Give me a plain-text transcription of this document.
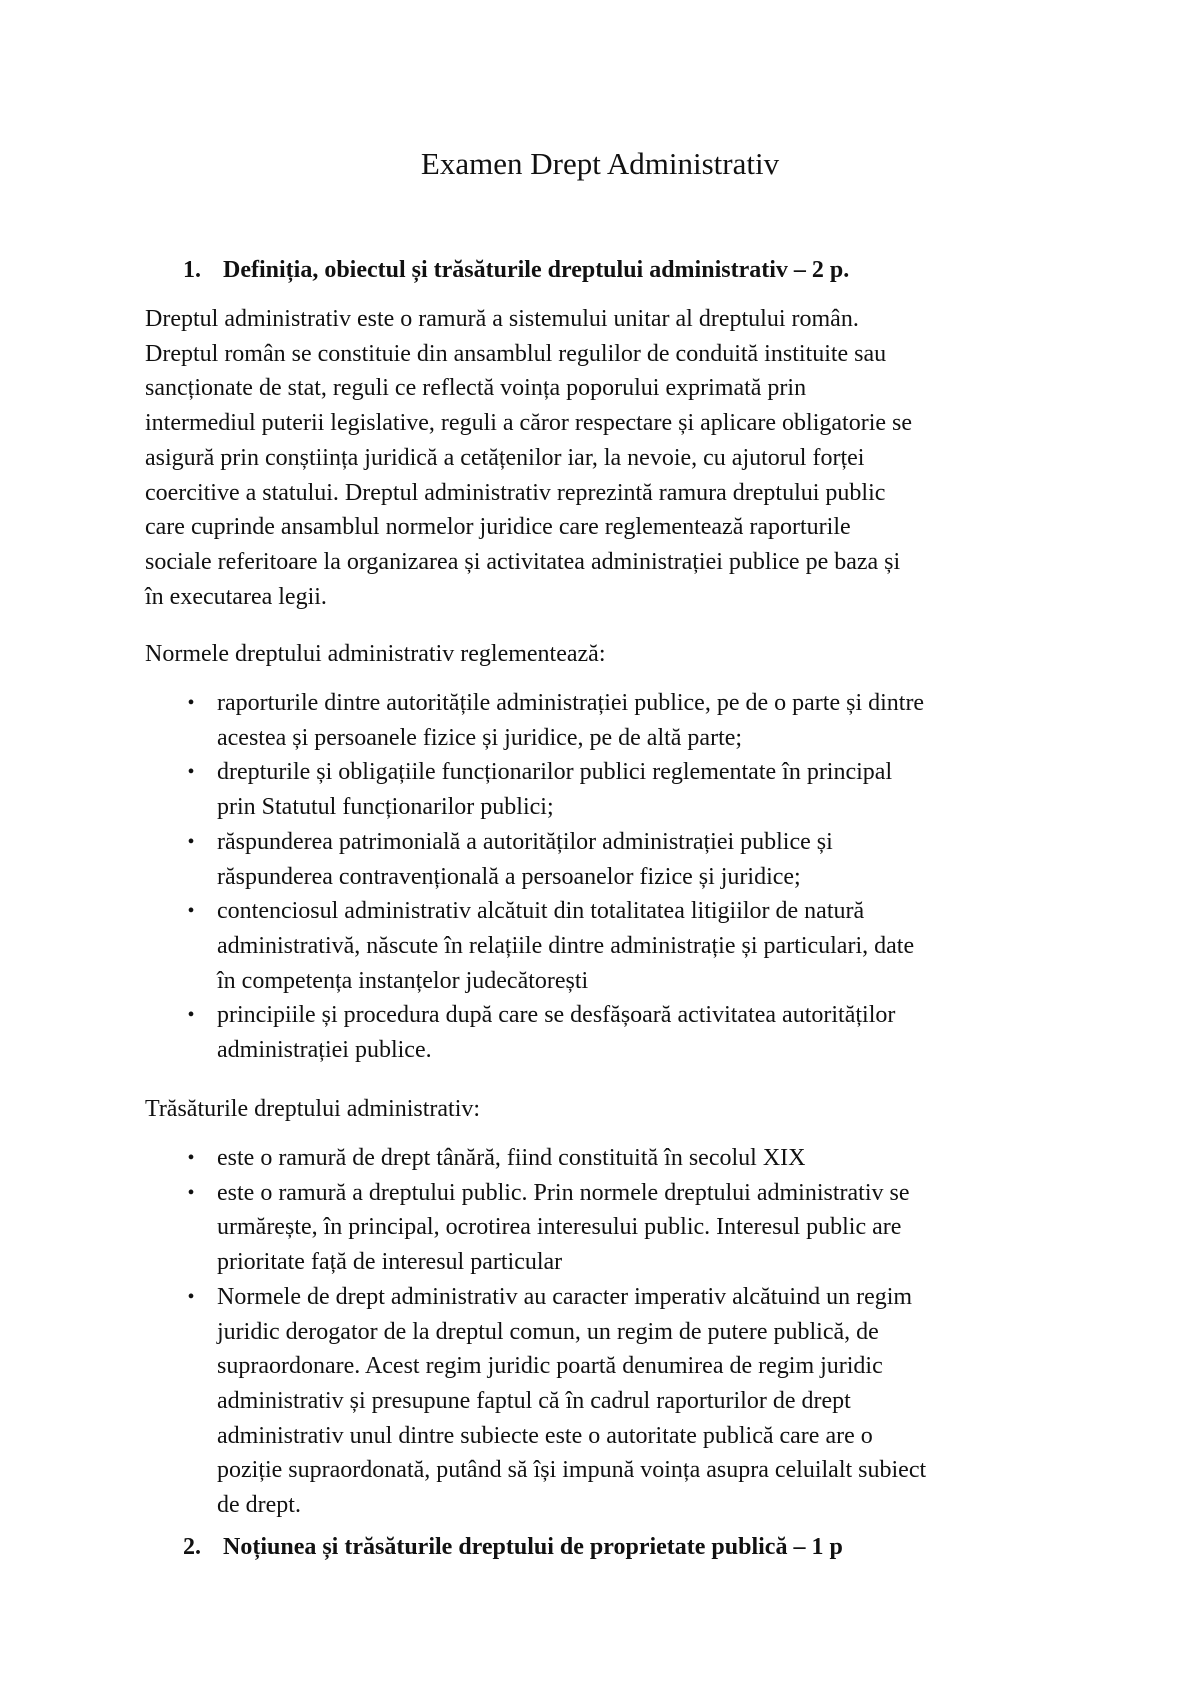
Examen Drept Administrativ
1. Definiția, obiectul și trăsăturile dreptului administrativ – 2 p.
Dreptul administrativ este o ramură a sistemului unitar al dreptului român.
Dreptul român se constituie din ansamblul regulilor de conduită instituite sau
sancționate de stat, reguli ce reflectă voința poporului exprimată prin
intermediul puterii legislative, reguli a căror respectare și aplicare obligatorie se
asigură prin conștiința juridică a cetățenilor iar, la nevoie, cu ajutorul forței
coercitive a statului. Dreptul administrativ reprezintă ramura dreptului public
care cuprinde ansamblul normelor juridice care reglementează raporturile
sociale referitoare la organizarea și activitatea administrației publice pe baza și
în executarea legii.
Normele dreptului administrativ reglementează:
• raporturile dintre autoritățile administrației publice, pe de o parte și dintre
acestea și persoanele fizice și juridice, pe de altă parte;
• drepturile și obligațiile funcționarilor publici reglementate în principal
prin Statutul funcționarilor publici;
• răspunderea patrimonială a autorităților administrației publice și
răspunderea contravențională a persoanelor fizice și juridice;
• contenciosul administrativ alcătuit din totalitatea litigiilor de natură
administrativă, născute în relațiile dintre administrație și particulari, date
în competența instanțelor judecătorești
• principiile și procedura după care se desfășoară activitatea autorităților
administrației publice.
Trăsăturile dreptului administrativ:
• este o ramură de drept tânără, fiind constituită în secolul XIX
• este o ramură a dreptului public. Prin normele dreptului administrativ se
urmărește, în principal, ocrotirea interesului public. Interesul public are
prioritate față de interesul particular
• Normele de drept administrativ au caracter imperativ alcătuind un regim
juridic derogator de la dreptul comun, un regim de putere publică, de
supraordonare. Acest regim juridic poartă denumirea de regim juridic
administrativ și presupune faptul că în cadrul raporturilor de drept
administrativ unul dintre subiecte este o autoritate publică care are o
poziție supraordonată, putând să își impună voința asupra celuilalt subiect
de drept.
2. Noțiunea și trăsăturile dreptului de proprietate publică – 1 p
